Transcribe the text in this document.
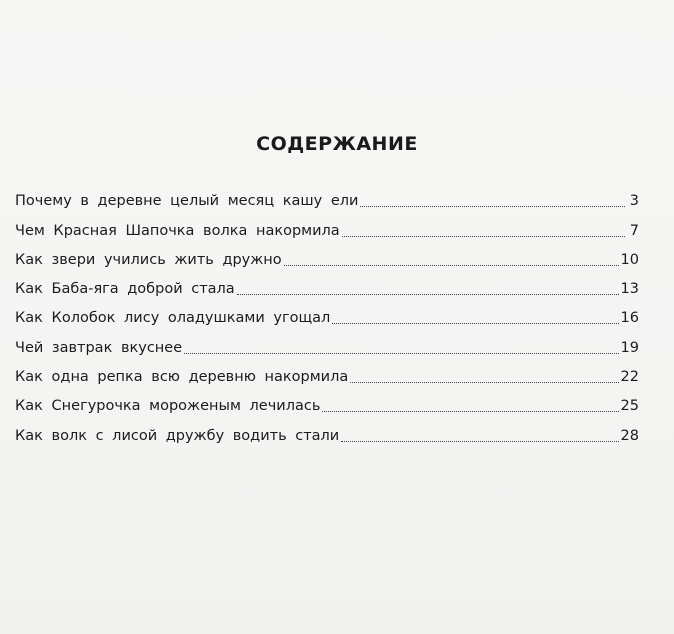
СОДЕРЖАНИЕ
Почему в деревне целый месяц кашу ели	3
Чем Красная Шапочка волка накормила	7
Как звери учились жить дружно	10
Как Баба-яга доброй стала	13
Как Колобок лису оладушками угощал	16
Чей завтрак вкуснее	19
Как одна репка всю деревню накормила	22
Как Снегурочка мороженым лечилась	25
Как волк с лисой дружбу водить стали	28
